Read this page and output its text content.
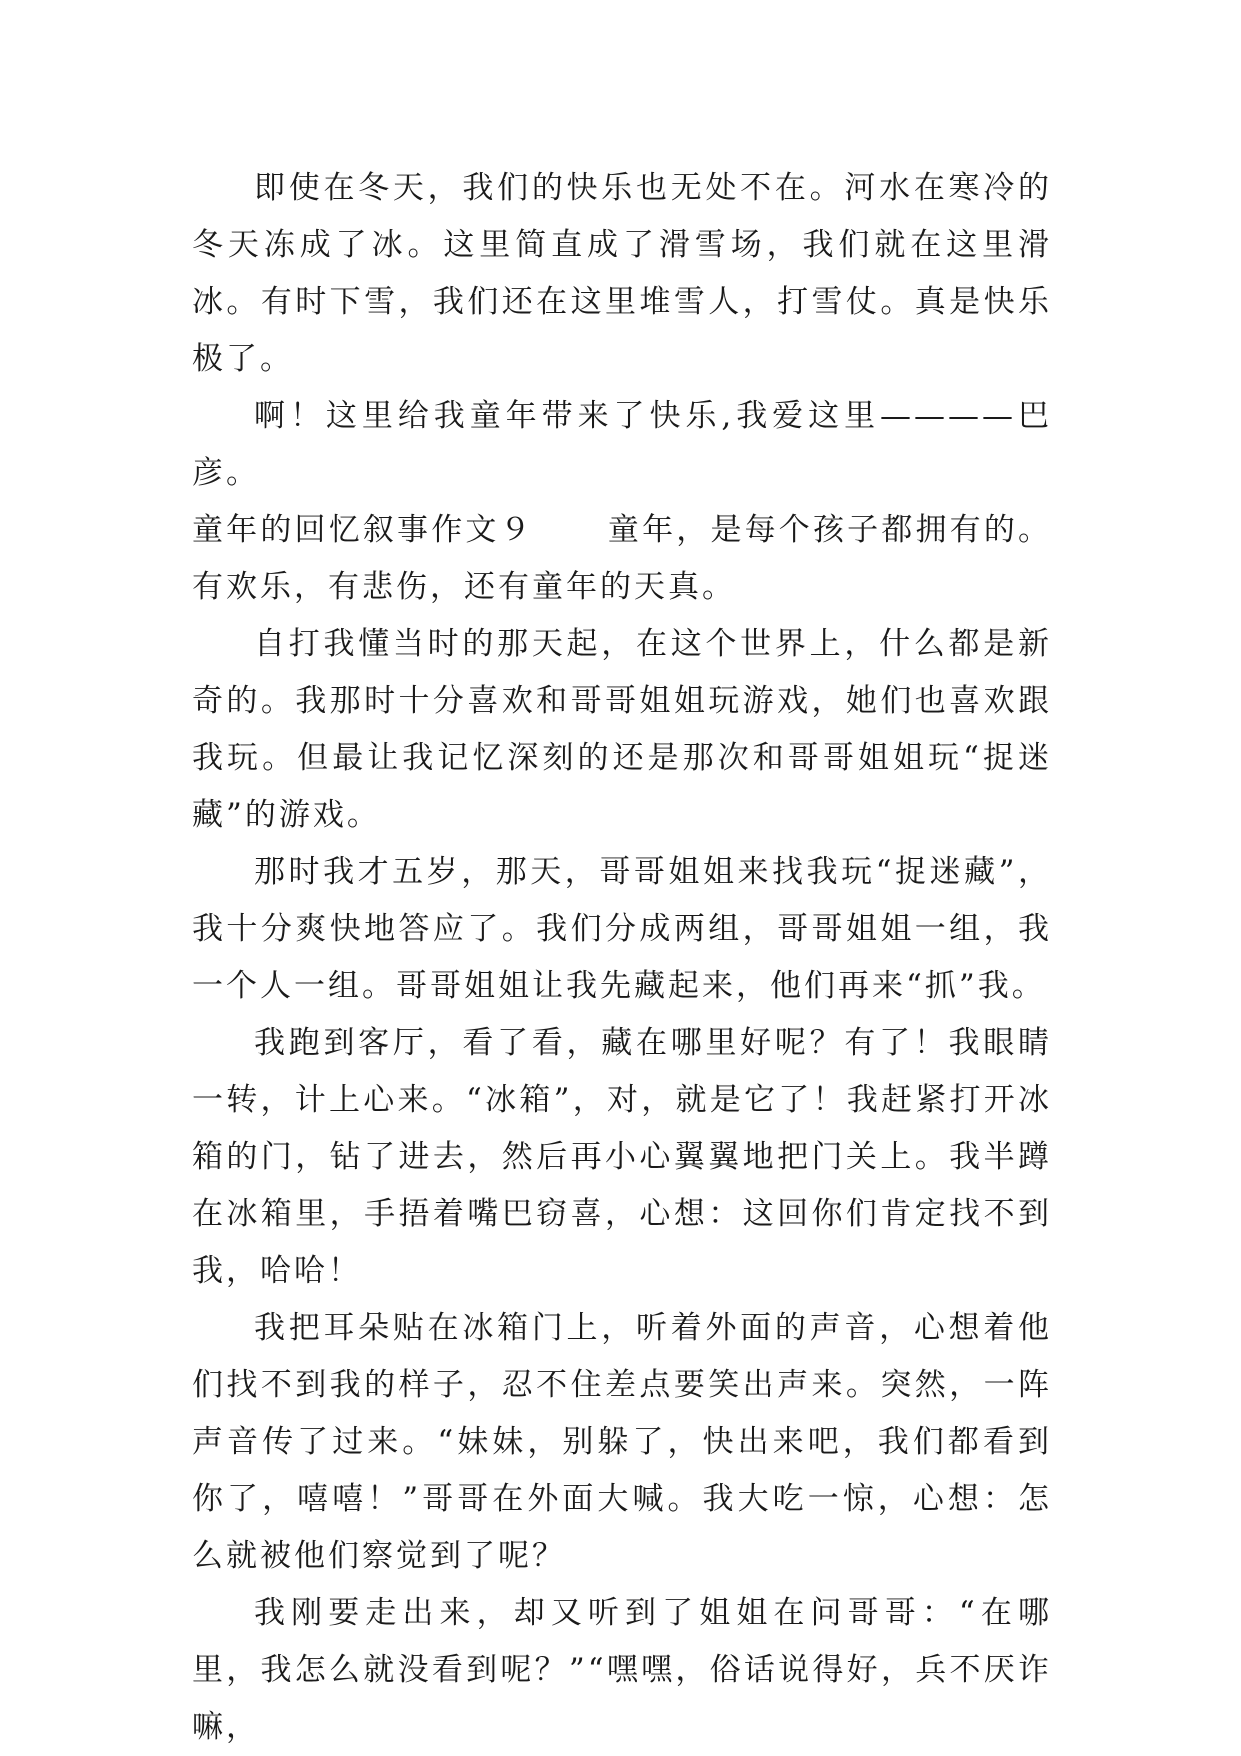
即使在冬天，我们的快乐也无处不在。河水在寒冷的冬天冻成了冰。这里简直成了滑雪场，我们就在这里滑冰。有时下雪，我们还在这里堆雪人，打雪仗。真是快乐极了。

啊！这里给我童年带来了快乐,我爱这里————巴彦。

童年的回忆叙事作文９ 童年，是每个孩子都拥有的。有欢乐，有悲伤，还有童年的天真。

自打我懂当时的那天起，在这个世界上，什么都是新奇的。我那时十分喜欢和哥哥姐姐玩游戏，她们也喜欢跟我玩。但最让我记忆深刻的还是那次和哥哥姐姐玩“捉迷藏”的游戏。

那时我才五岁，那天，哥哥姐姐来找我玩“捉迷藏”，我十分爽快地答应了。我们分成两组，哥哥姐姐一组，我一个人一组。哥哥姐姐让我先藏起来，他们再来“抓”我。

我跑到客厅，看了看，藏在哪里好呢？有了！我眼睛一转，计上心来。“冰箱”，对，就是它了！我赶紧打开冰箱的门，钻了进去，然后再小心翼翼地把门关上。我半蹲在冰箱里，手捂着嘴巴窃喜，心想：这回你们肯定找不到我，哈哈！

我把耳朵贴在冰箱门上，听着外面的声音，心想着他们找不到我的样子，忍不住差点要笑出声来。突然，一阵声音传了过来。“妹妹，别躲了，快出来吧，我们都看到你了，嘻嘻！”哥哥在外面大喊。我大吃一惊，心想：怎么就被他们察觉到了呢？

我刚要走出来，却又听到了姐姐在问哥哥：“在哪里，我怎么就没看到呢？”“嘿嘿，俗话说得好，兵不厌诈嘛，
